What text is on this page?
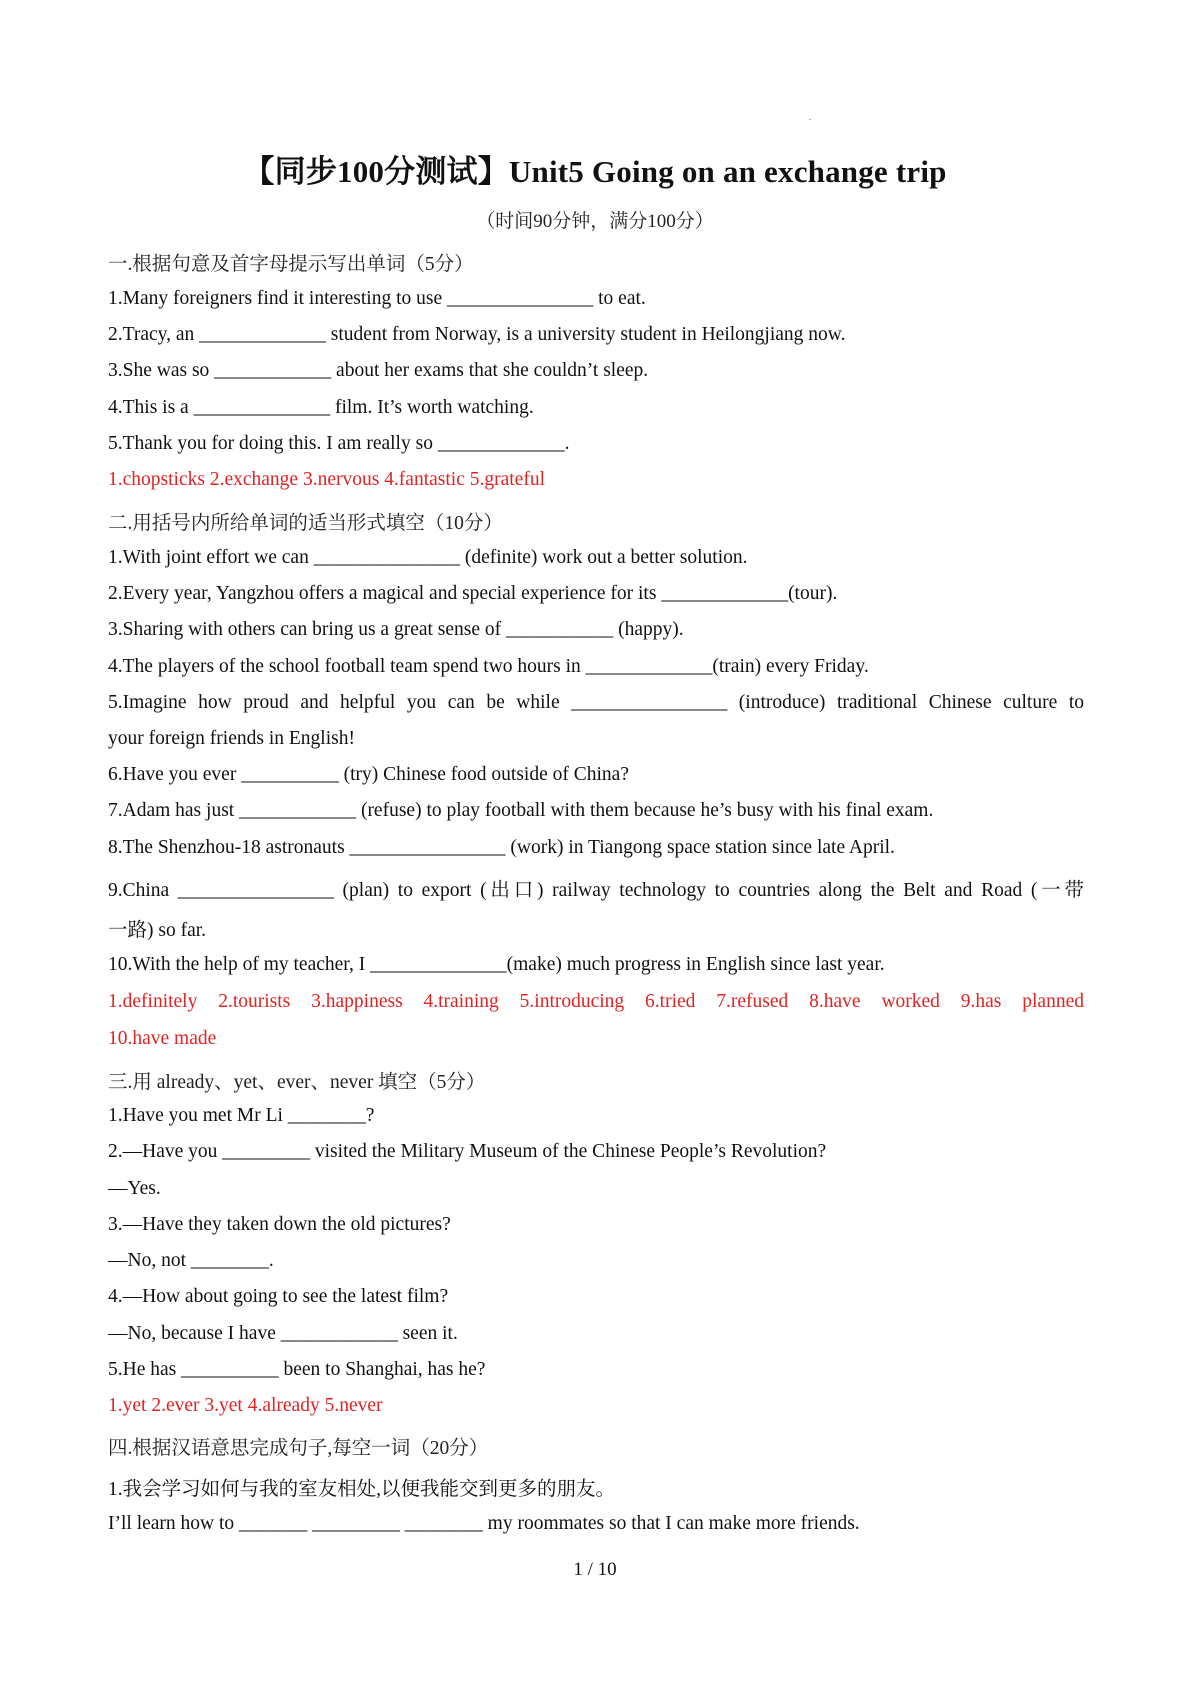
·
【同步100分测试】Unit5 Going on an exchange trip
（时间90分钟，满分100分）
一.根据句意及首字母提示写出单词（5分）
1.Many foreigners find it interesting to use _______________ to eat.
2.Tracy, an _____________ student from Norway, is a university student in Heilongjiang now.
3.She was so ____________ about her exams that she couldn’t sleep.
4.This is a ______________ film. It’s worth watching.
5.Thank you for doing this. I am really so _____________.
1.chopsticks 2.exchange 3.nervous 4.fantastic 5.grateful
二.用括号内所给单词的适当形式填空（10分）
1.With joint effort we can _______________ (definite) work out a better solution.
2.Every year, Yangzhou offers a magical and special experience for its _____________(tour).
3.Sharing with others can bring us a great sense of ___________ (happy).
4.The players of the school football team spend two hours in _____________(train) every Friday.
5.Imagine how proud and helpful you can be while ________________ (introduce) traditional Chinese culture to
your foreign friends in English!
6.Have you ever __________ (try) Chinese food outside of China?
7.Adam has just ____________ (refuse) to play football with them because he’s busy with his final exam.
8.The Shenzhou-18 astronauts ________________ (work) in Tiangong space station since late April.
9.China ________________ (plan) to export (出口) railway technology to countries along the Belt and Road (一带
一路) so far.
10.With the help of my teacher, I ______________(make) much progress in English since last year.
1.definitely 2.tourists 3.happiness 4.training 5.introducing 6.tried 7.refused 8.have worked 9.has planned
10.have made
三.用 already、yet、ever、never 填空（5分）
1.Have you met Mr Li ________?
2.—Have you _________ visited the Military Museum of the Chinese People’s Revolution?
—Yes.
3.—Have they taken down the old pictures?
—No, not ________.
4.—How about going to see the latest film?
—No, because I have ____________ seen it.
5.He has __________ been to Shanghai, has he?
1.yet 2.ever 3.yet 4.already 5.never
四.根据汉语意思完成句子,每空一词（20分）
1.我会学习如何与我的室友相处,以便我能交到更多的朋友。
I’ll learn how to _______ _________ ________ my roommates so that I can make more friends.
1 / 10
